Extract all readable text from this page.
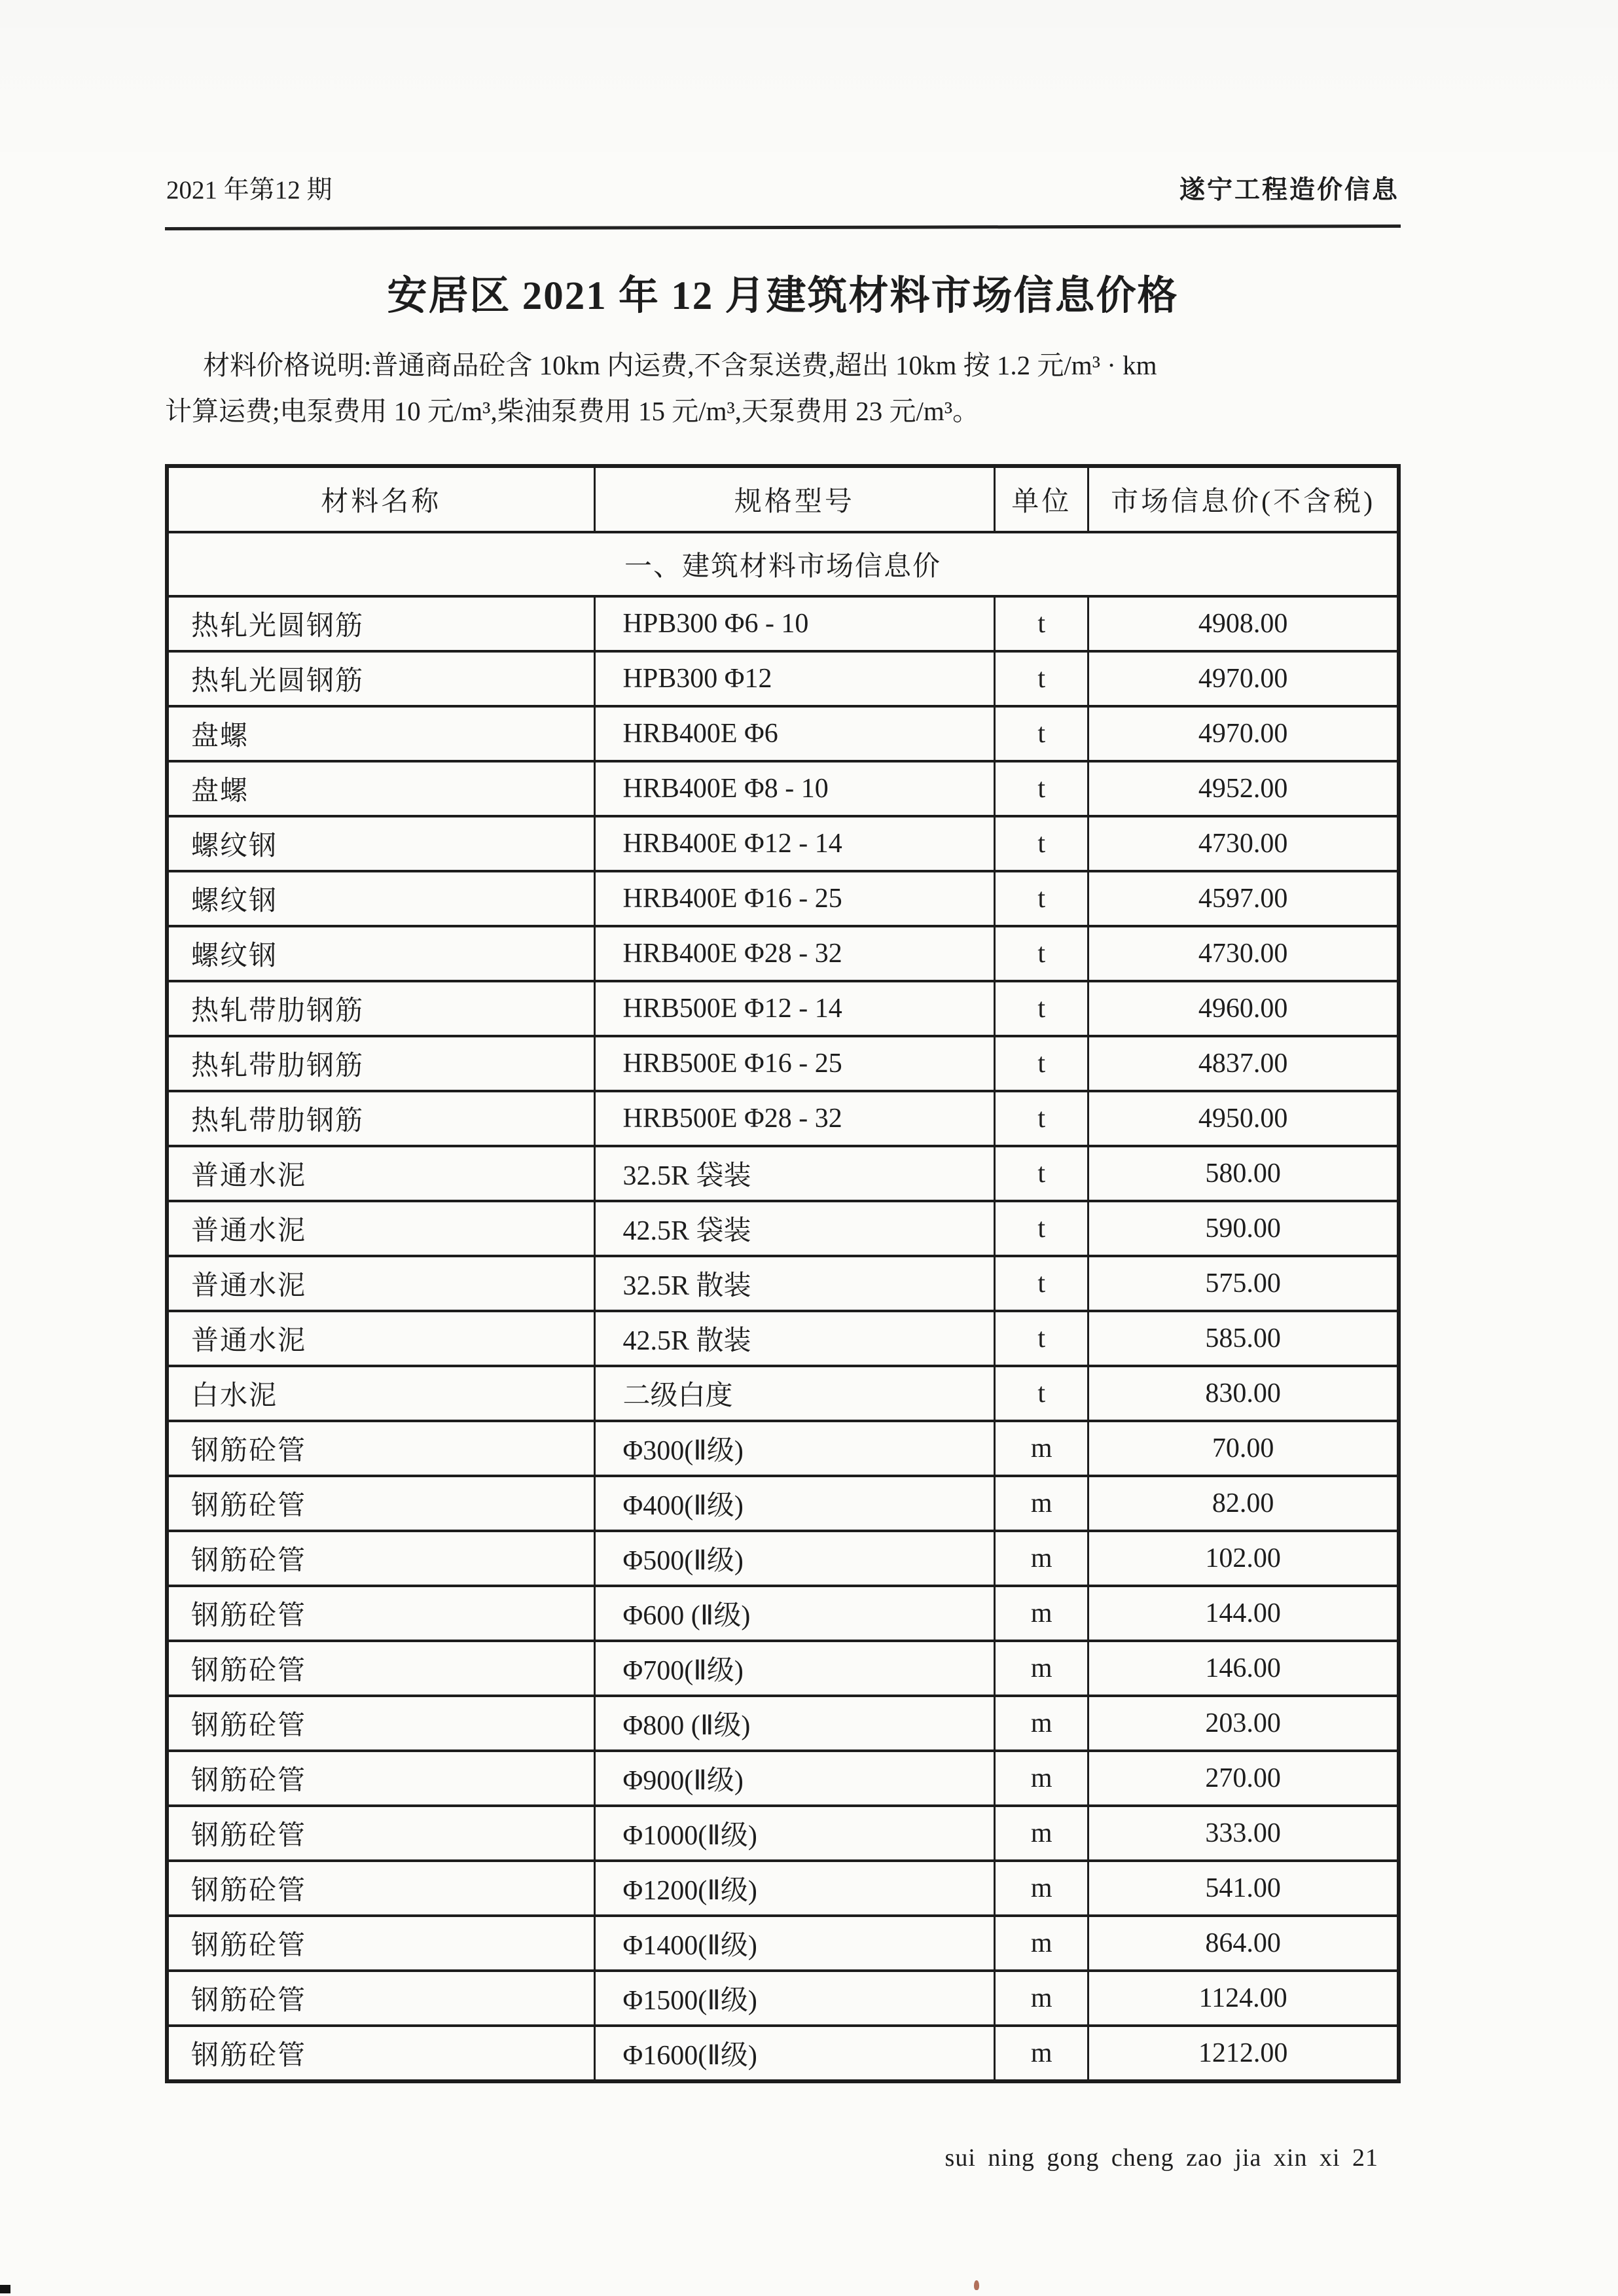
2021 年第12 期	遂宁工程造价信息
安居区 2021 年 12 月建筑材料市场信息价格
材料价格说明:普通商品砼含 10km 内运费,不含泵送费,超出 10km 按 1.2 元/m³ · km
计算运费;电泵费用 10 元/m³,柴油泵费用 15 元/m³,天泵费用 23 元/m³。
材料名称	规格型号	单位	市场信息价(不含税)
一、建筑材料市场信息价			
热轧光圆钢筋	HPB300 Φ6 - 10	t	4908.00
热轧光圆钢筋	HPB300 Φ12	t	4970.00
盘螺	HRB400E Φ6	t	4970.00
盘螺	HRB400E Φ8 - 10	t	4952.00
螺纹钢	HRB400E Φ12 - 14	t	4730.00
螺纹钢	HRB400E Φ16 - 25	t	4597.00
螺纹钢	HRB400E Φ28 - 32	t	4730.00
热轧带肋钢筋	HRB500E Φ12 - 14	t	4960.00
热轧带肋钢筋	HRB500E Φ16 - 25	t	4837.00
热轧带肋钢筋	HRB500E Φ28 - 32	t	4950.00
普通水泥	32.5R 袋装	t	580.00
普通水泥	42.5R 袋装	t	590.00
普通水泥	32.5R 散装	t	575.00
普通水泥	42.5R 散装	t	585.00
白水泥	二级白度	t	830.00
钢筋砼管	Φ300(Ⅱ级)	m	70.00
钢筋砼管	Φ400(Ⅱ级)	m	82.00
钢筋砼管	Φ500(Ⅱ级)	m	102.00
钢筋砼管	Φ600 (Ⅱ级)	m	144.00
钢筋砼管	Φ700(Ⅱ级)	m	146.00
钢筋砼管	Φ800 (Ⅱ级)	m	203.00
钢筋砼管	Φ900(Ⅱ级)	m	270.00
钢筋砼管	Φ1000(Ⅱ级)	m	333.00
钢筋砼管	Φ1200(Ⅱ级)	m	541.00
钢筋砼管	Φ1400(Ⅱ级)	m	864.00
钢筋砼管	Φ1500(Ⅱ级)	m	1124.00
钢筋砼管	Φ1600(Ⅱ级)	m	1212.00
sui ning gong cheng zao jia xin xi 21
